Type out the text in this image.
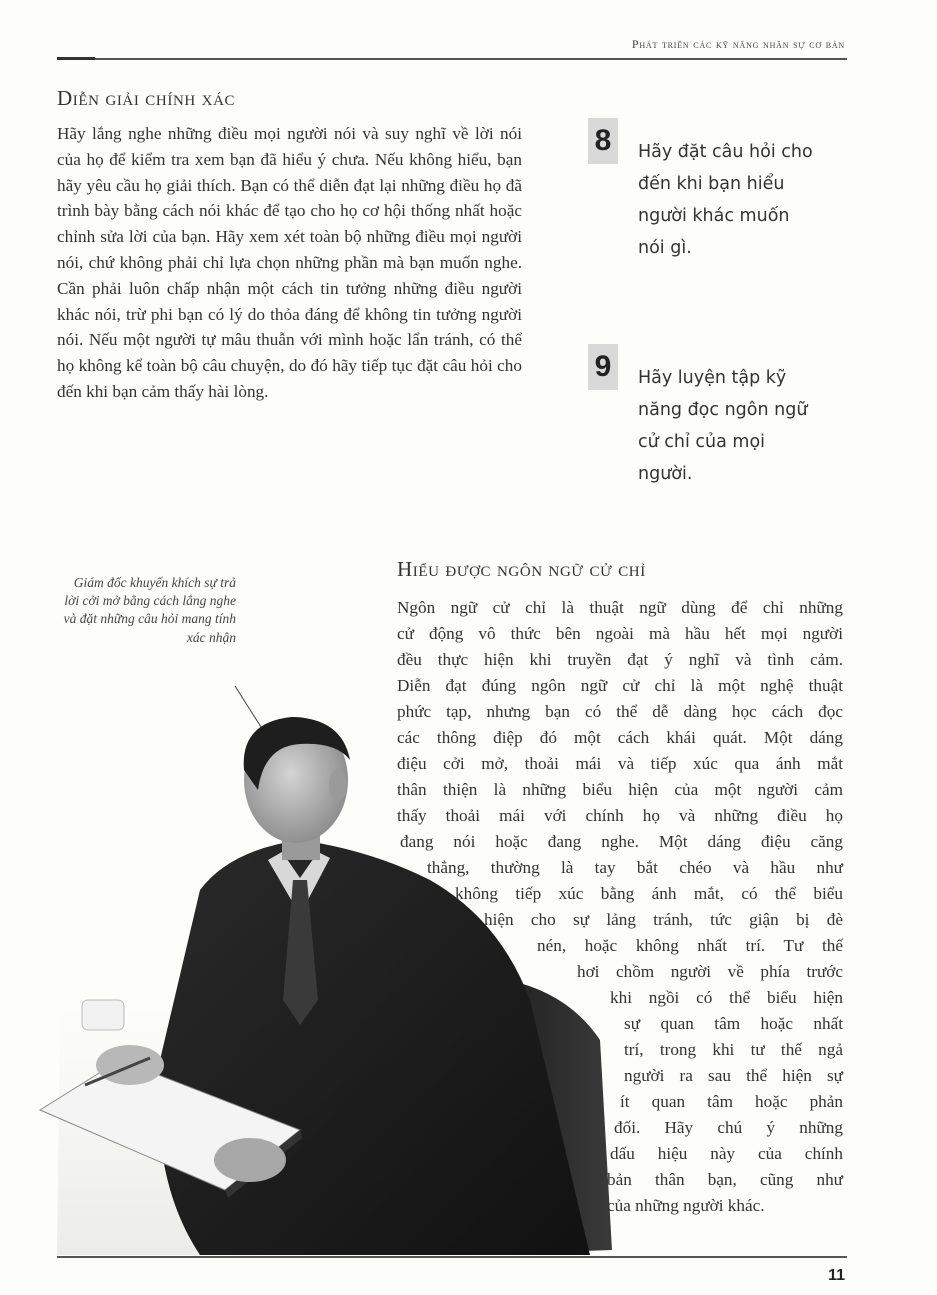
Phát triển các kỹ năng nhân sự cơ bản
Diễn giải chính xác

Hãy lắng nghe những điều mọi người nói và suy nghĩ về lời nói của họ để kiểm tra xem bạn đã hiểu ý chưa. Nếu không hiểu, bạn hãy yêu cầu họ giải thích. Bạn có thể diễn đạt lại những điều họ đã trình bày bằng cách nói khác để tạo cho họ cơ hội thống nhất hoặc chỉnh sửa lời của bạn. Hãy xem xét toàn bộ những điều mọi người nói, chứ không phải chỉ lựa chọn những phần mà bạn muốn nghe. Cần phải luôn chấp nhận một cách tin tưởng những điều người khác nói, trừ phi bạn có lý do thỏa đáng để không tin tưởng người nói. Nếu một người tự mâu thuẫn với mình hoặc lẩn tránh, có thể họ không kể toàn bộ câu chuyện, do đó hãy tiếp tục đặt câu hỏi cho đến khi bạn cảm thấy hài lòng.

8	Hãy đặt câu hỏi cho đến khi bạn hiểu người khác muốn nói gì.

9	Hãy luyện tập kỹ năng đọc ngôn ngữ cử chỉ của mọi người.

Giám đốc khuyến khích sự trả lời cởi mở bằng cách lắng nghe và đặt những câu hỏi mang tính xác nhận

Hiểu được ngôn ngữ cử chỉ

Ngôn ngữ cử chỉ là thuật ngữ dùng để chỉ những

cử động vô thức bên ngoài mà hầu hết mọi người

đều thực hiện khi truyền đạt ý nghĩ và tình cảm.

Diễn đạt đúng ngôn ngữ cử chỉ là một nghệ thuật

phức tạp, nhưng bạn có thể dễ dàng học cách đọc

các thông điệp đó một cách khái quát. Một dáng

điệu cởi mở, thoải mái và tiếp xúc qua ánh mắt

thân thiện là những biểu hiện của một người cảm

thấy thoải mái với chính họ và những điều họ

đang nói hoặc đang nghe. Một dáng điệu căng

thẳng, thường là tay bắt chéo và hầu như

không tiếp xúc bằng ánh mắt, có thể biểu

hiện cho sự lảng tránh, tức giận bị đè

nén, hoặc không nhất trí. Tư thế

hơi chồm người về phía trước

khi ngồi có thể biểu hiện

sự quan tâm hoặc nhất

trí, trong khi tư thế ngả

người ra sau thể hiện sự

ít quan tâm hoặc phản

đối. Hãy chú ý những

dấu hiệu này của chính

bản thân bạn, cũng như

của những người khác.

11
